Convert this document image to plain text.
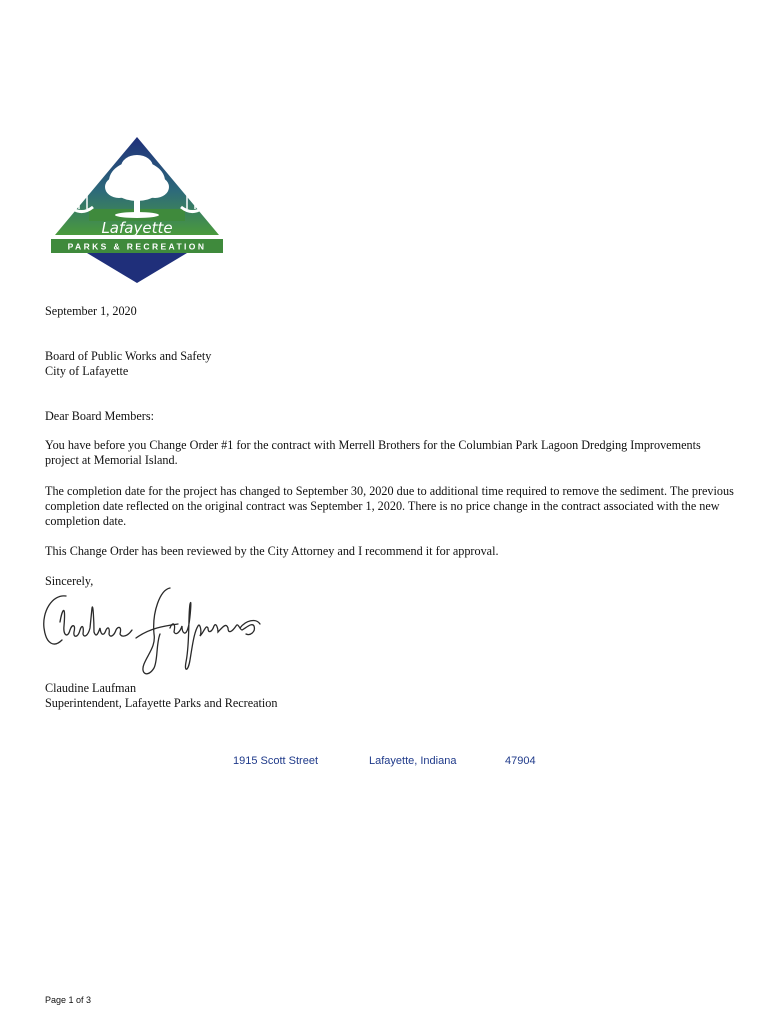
Lafayette
PARKS & RECREATION
September 1, 2020
Board of Public Works and Safety
City of Lafayette
Dear Board Members:
You have before you Change Order #1 for the contract with Merrell Brothers for the Columbian Park Lagoon Dredging Improvements project at Memorial Island.
The completion date for the project has changed to September 30, 2020 due to additional time required to remove the sediment. The previous completion date reflected on the original contract was September 1, 2020. There is no price change in the contract associated with the new completion date.
This Change Order has been reviewed by the City Attorney and I recommend it for approval.
Sincerely,
Claudine Laufman
Superintendent, Lafayette Parks and Recreation
1915 Scott Street	Lafayette, Indiana	47904
Page 1 of 3
